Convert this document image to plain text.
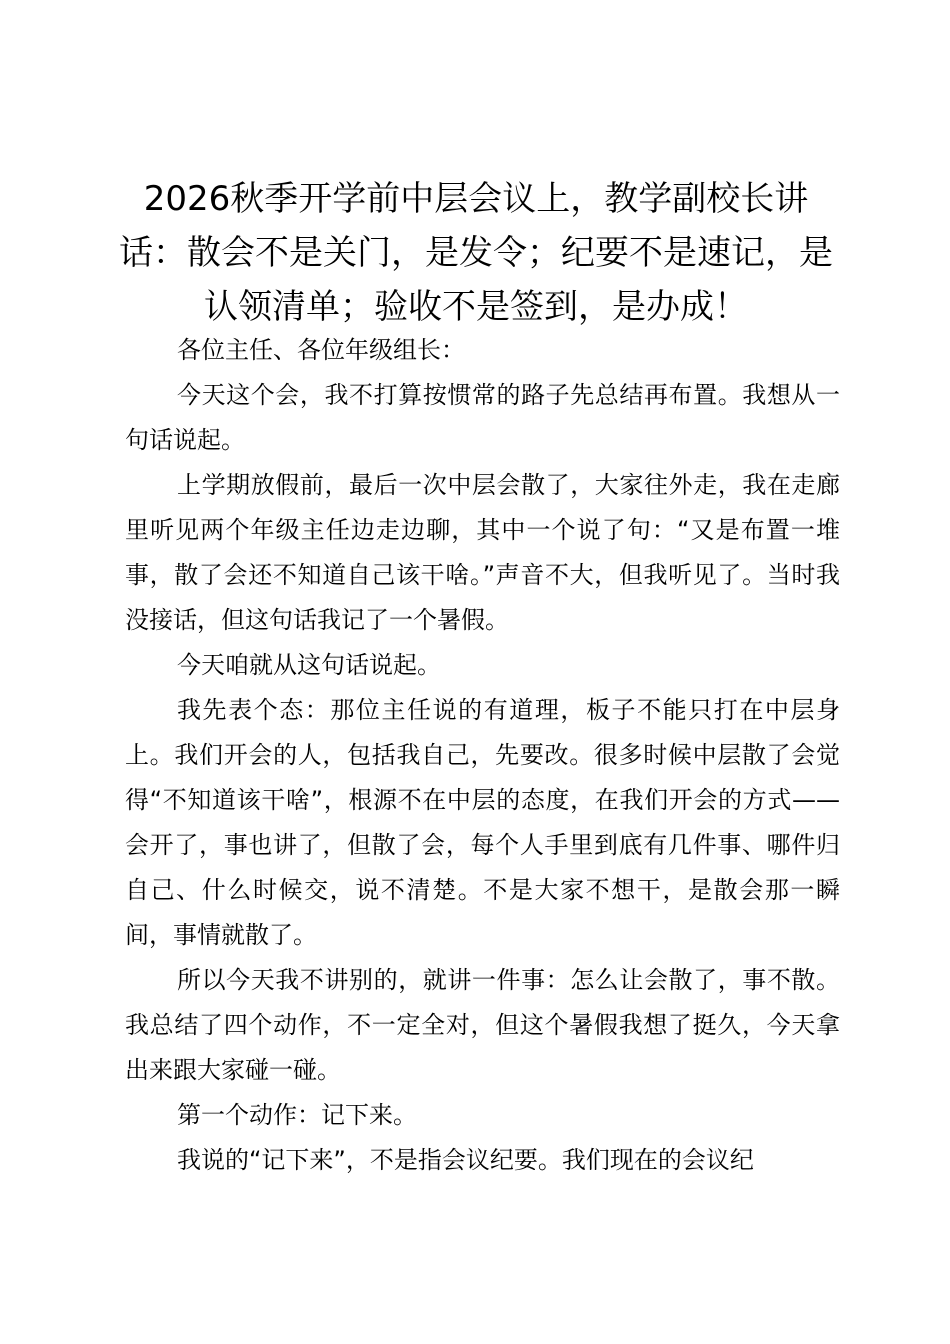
2026秋季开学前中层会议上，教学副校长讲话：散会不是关门，是发令；纪要不是速记，是认领清单；验收不是签到，是办成！

各位主任、各位年级组长：

今天这个会，我不打算按惯常的路子先总结再布置。我想从一句话说起。

上学期放假前，最后一次中层会散了，大家往外走，我在走廊里听见两个年级主任边走边聊，其中一个说了句：“又是布置一堆事，散了会还不知道自己该干啥。”声音不大，但我听见了。当时我没接话，但这句话我记了一个暑假。

今天咱就从这句话说起。

我先表个态：那位主任说的有道理，板子不能只打在中层身上。我们开会的人，包括我自己，先要改。很多时候中层散了会觉得“不知道该干啥”，根源不在中层的态度，在我们开会的方式——会开了，事也讲了，但散了会，每个人手里到底有几件事、哪件归自己、什么时候交，说不清楚。不是大家不想干，是散会那一瞬间，事情就散了。

所以今天我不讲别的，就讲一件事：怎么让会散了，事不散。我总结了四个动作，不一定全对，但这个暑假我想了挺久，今天拿出来跟大家碰一碰。

第一个动作：记下来。

我说的“记下来”，不是指会议纪要。我们现在的会议纪
